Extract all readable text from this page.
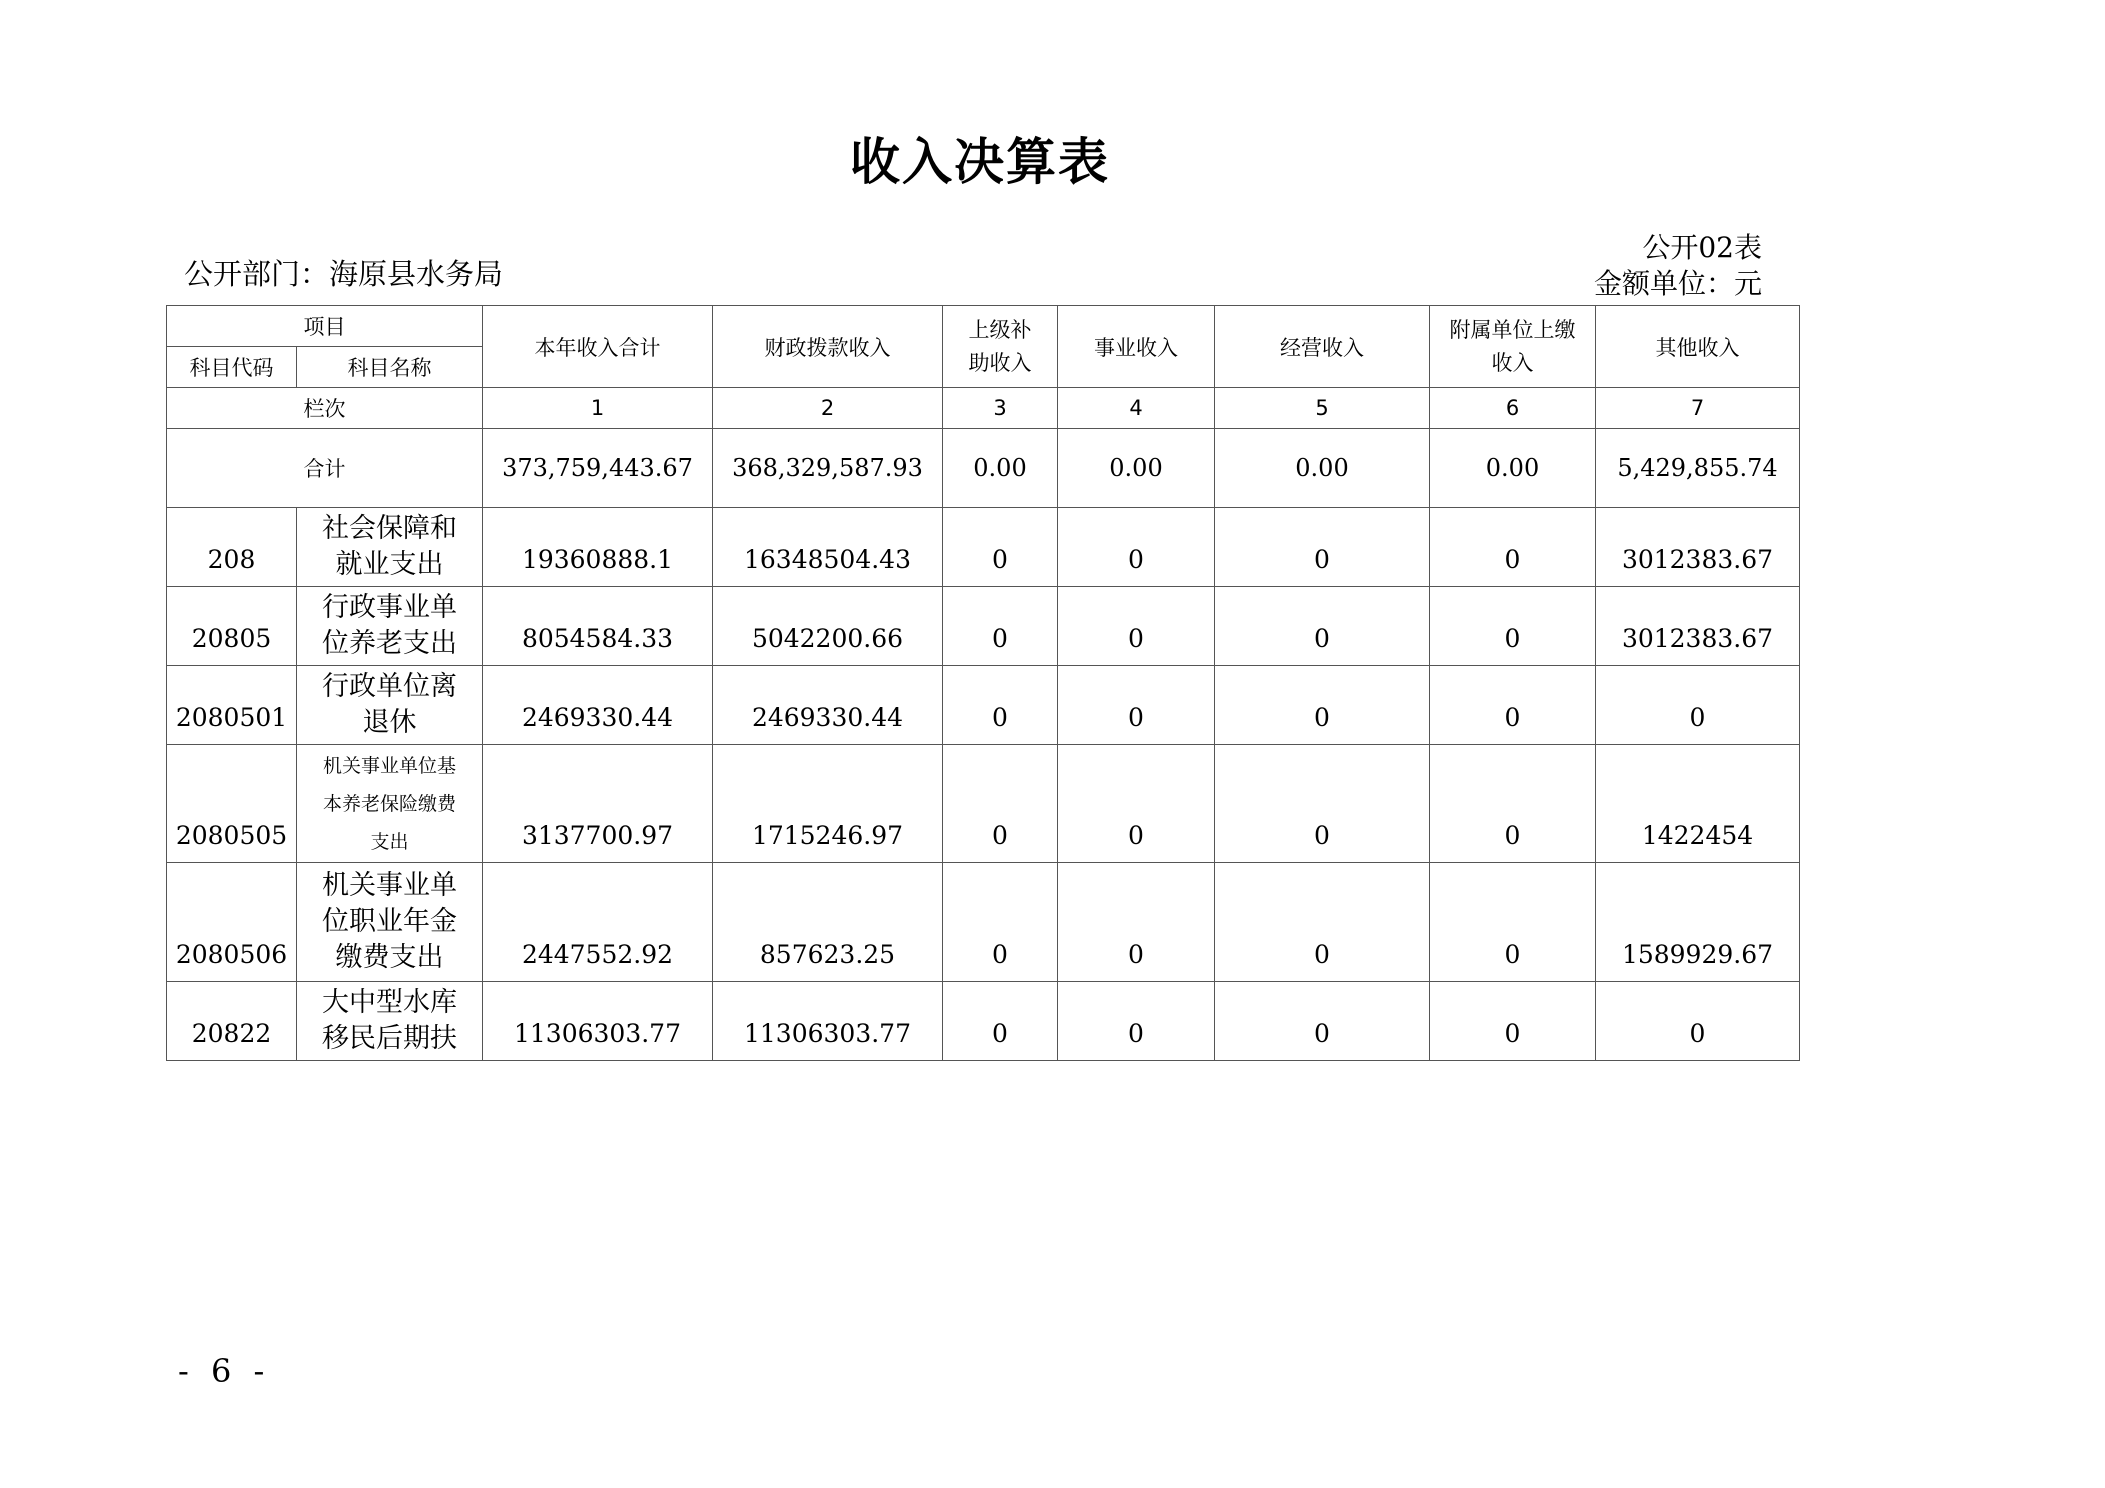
收入决算表
公开部门：海原县水务局
公开02表
金额单位：元
项目		本年收入合计	财政拨款收入	上级补
助收入	事业收入	经营收入	附属单位上缴
收入	其他收入
科目代码	科目名称							
栏次		1	2	3	4	5	6	7
合计		373,759,443.67	368,329,587.93	0.00	0.00	0.00	0.00	5,429,855.74
208	社会保障和
就业支出	19360888.1	16348504.43	0	0	0	0	3012383.67
20805	行政事业单
位养老支出	8054584.33	5042200.66	0	0	0	0	3012383.67
2080501	行政单位离
退休	2469330.44	2469330.44	0	0	0	0	0
2080505	机关事业单位基
本养老保险缴费
支出	3137700.97	1715246.97	0	0	0	0	1422454
2080506	机关事业单
位职业年金
缴费支出	2447552.92	857623.25	0	0	0	0	1589929.67
20822	大中型水库
移民后期扶	11306303.77	11306303.77	0	0	0	0	0
- 6 -
